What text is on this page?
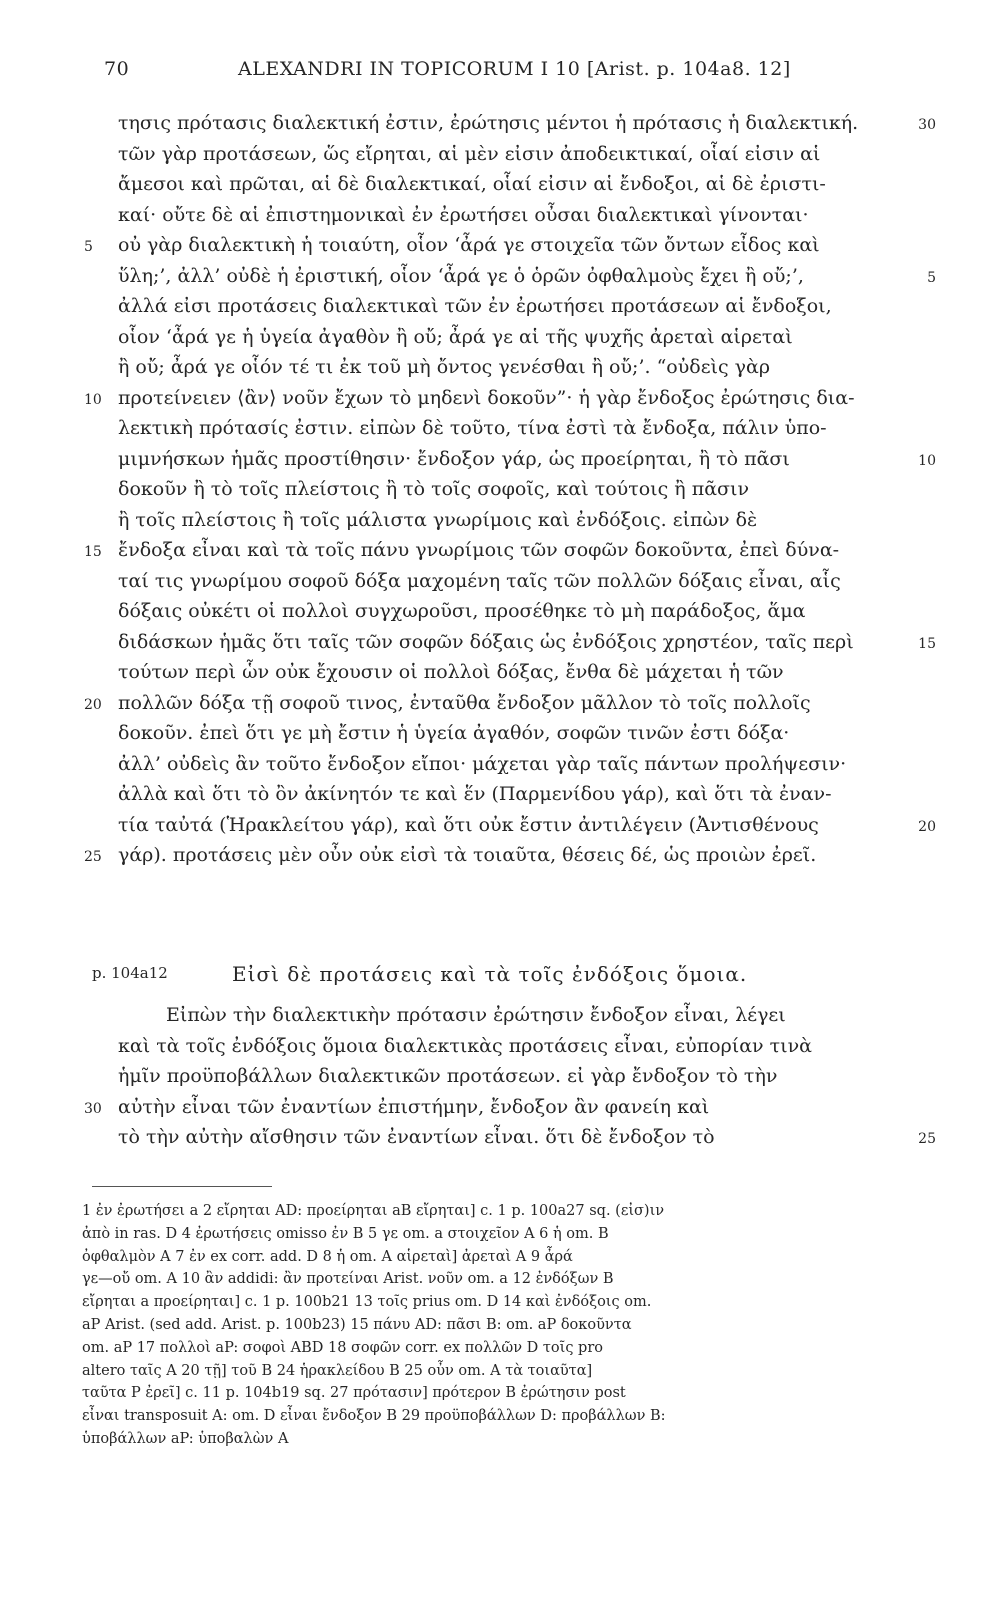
70	ALEXANDRI IN TOPICORUM I 10 [Arist. p. 104a8. 12]
τησις πρότασις διαλεκτική ἐστιν, ἐρώτησις μέντοι ἡ πρότασις ἡ διαλεκτική.	30
τῶν γὰρ προτάσεων, ὥς εἴρηται, αἱ μὲν εἰσιν ἀποδεικτικαί, οἷαί εἰσιν αἱ
ἄμεσοι καὶ πρῶται, αἱ δὲ διαλεκτικαί, οἷαί εἰσιν αἱ ἔνδοξοι, αἱ δὲ ἐριστι-
καί· οὔτε δὲ αἱ ἐπιστημονικαὶ ἐν ἐρωτήσει οὖσαι διαλεκτικαὶ γίνονται·
5 οὐ γὰρ διαλεκτικὴ ἡ τοιαύτη, οἷον ‘ἆρά γε στοιχεῖα τῶν ὄντων εἶδος καὶ
ὕλη;’, ἀλλ’ οὐδὲ ἡ ἐριστική, οἷον ‘ἆρά γε ὁ ὁρῶν ὀφθαλμοὺς ἔχει ἢ οὔ;’,	5
ἀλλά εἰσι προτάσεις διαλεκτικαὶ τῶν ἐν ἐρωτήσει προτάσεων αἱ ἔνδοξοι,
οἷον ‘ἆρά γε ἡ ὑγεία ἀγαθὸν ἢ οὔ; ἆρά γε αἱ τῆς ψυχῆς ἀρεταὶ αἱρεταὶ
ἢ οὔ; ἆρά γε οἷόν τέ τι ἐκ τοῦ μὴ ὄντος γενέσθαι ἢ οὔ;’. “οὐδεὶς γὰρ
10 προτείνειεν ⟨ἂν⟩ νοῦν ἔχων τὸ μηδενὶ δοκοῦν”· ἡ γὰρ ἔνδοξος ἐρώτησις δια-
λεκτικὴ πρότασίς ἐστιν. εἰπὼν δὲ τοῦτο, τίνα ἐστὶ τὰ ἔνδοξα, πάλιν ὑπο-
μιμνήσκων ἡμᾶς προστίθησιν· ἔνδοξον γάρ, ὡς προείρηται, ἢ τὸ πᾶσι	10
δοκοῦν ἢ τὸ τοῖς πλείστοις ἢ τὸ τοῖς σοφοῖς, καὶ τούτοις ἢ πᾶσιν
ἢ τοῖς πλείστοις ἢ τοῖς μάλιστα γνωρίμοις καὶ ἐνδόξοις. εἰπὼν δὲ
15 ἔνδοξα εἶναι καὶ τὰ τοῖς πάνυ γνωρίμοις τῶν σοφῶν δοκοῦντα, ἐπεὶ δύνα-
ταί τις γνωρίμου σοφοῦ δόξα μαχομένη ταῖς τῶν πολλῶν δόξαις εἶναι, αἷς
δόξαις οὐκέτι οἱ πολλοὶ συγχωροῦσι, προσέθηκε τὸ μὴ παράδοξος, ἅμα
διδάσκων ἡμᾶς ὅτι ταῖς τῶν σοφῶν δόξαις ὡς ἐνδόξοις χρηστέον, ταῖς περὶ	15
τούτων περὶ ὧν οὐκ ἔχουσιν οἱ πολλοὶ δόξας, ἔνθα δὲ μάχεται ἡ τῶν
20 πολλῶν δόξα τῇ σοφοῦ τινος, ἐνταῦθα ἔνδοξον μᾶλλον τὸ τοῖς πολλοῖς
δοκοῦν. ἐπεὶ ὅτι γε μὴ ἔστιν ἡ ὑγεία ἀγαθόν, σοφῶν τινῶν ἐστι δόξα·
ἀλλ’ οὐδεὶς ἂν τοῦτο ἔνδοξον εἴποι· μάχεται γὰρ ταῖς πάντων προλήψεσιν·
ἀλλὰ καὶ ὅτι τὸ ὂν ἀκίνητόν τε καὶ ἕν (Παρμενίδου γάρ), καὶ ὅτι τὰ ἐναν-
τία ταὐτά (Ἡρακλείτου γάρ), καὶ ὅτι οὐκ ἔστιν ἀντιλέγειν (Ἀντισθένους	20
25 γάρ). προτάσεις μὲν οὖν οὐκ εἰσὶ τὰ τοιαῦτα, θέσεις δέ, ὡς προιὼν ἐρεῖ.
p. 104a12	Εἰσὶ δὲ προτάσεις καὶ τὰ τοῖς ἐνδόξοις ὅμοια.
Εἰπὼν τὴν διαλεκτικὴν πρότασιν ἐρώτησιν ἔνδοξον εἶναι, λέγει
καὶ τὰ τοῖς ἐνδόξοις ὅμοια διαλεκτικὰς προτάσεις εἶναι, εὐπορίαν τινὰ
ἡμῖν προϋποβάλλων διαλεκτικῶν προτάσεων. εἰ γὰρ ἔνδοξον τὸ τὴν
30 αὐτὴν εἶναι τῶν ἐναντίων ἐπιστήμην, ἔνδοξον ἂν φανείη καὶ
τὸ τὴν αὐτὴν αἴσθησιν τῶν ἐναντίων εἶναι. ὅτι δὲ ἔνδοξον τὸ	25
1 ἐν ἐρωτήσει a 2 εἴρηται AD: προείρηται aB εἴρηται] c. 1 p. 100a27 sq. (εἰσ)ιν
ἀπὸ in ras. D 4 ἐρωτήσεις omisso ἐν B 5 γε om. a στοιχεῖον A 6 ἡ om. B
ὀφθαλμὸν A 7 ἐν ex corr. add. D 8 ἡ om. A αἱρεταὶ] ἀρεταὶ A 9 ἆρά
γε—οὔ om. A 10 ἂν addidi: ἂν προτείναι Arist. νοῦν om. a 12 ἐνδόξων B
εἴρηται a προείρηται] c. 1 p. 100b21 13 τοῖς prius om. D 14 καὶ ἐνδόξοις om.
aP Arist. (sed add. Arist. p. 100b23) 15 πάνυ AD: πᾶσι B: om. aP δοκοῦντα
om. aP 17 πολλοὶ aP: σοφοὶ ABD 18 σοφῶν corr. ex πολλῶν D τοῖς pro
altero ταῖς A 20 τῇ] τοῦ B 24 ἡρακλείδου B 25 οὖν om. A τὰ τοιαῦτα]
ταῦτα P ἐρεῖ] c. 11 p. 104b19 sq. 27 πρότασιν] πρότερον B ἐρώτησιν post
εἶναι transposuit A: om. D εἶναι ἔνδοξον B 29 προϋποβάλλων D: προβάλλων B:
ὑποβάλλων aP: ὑποβαλὼν A
